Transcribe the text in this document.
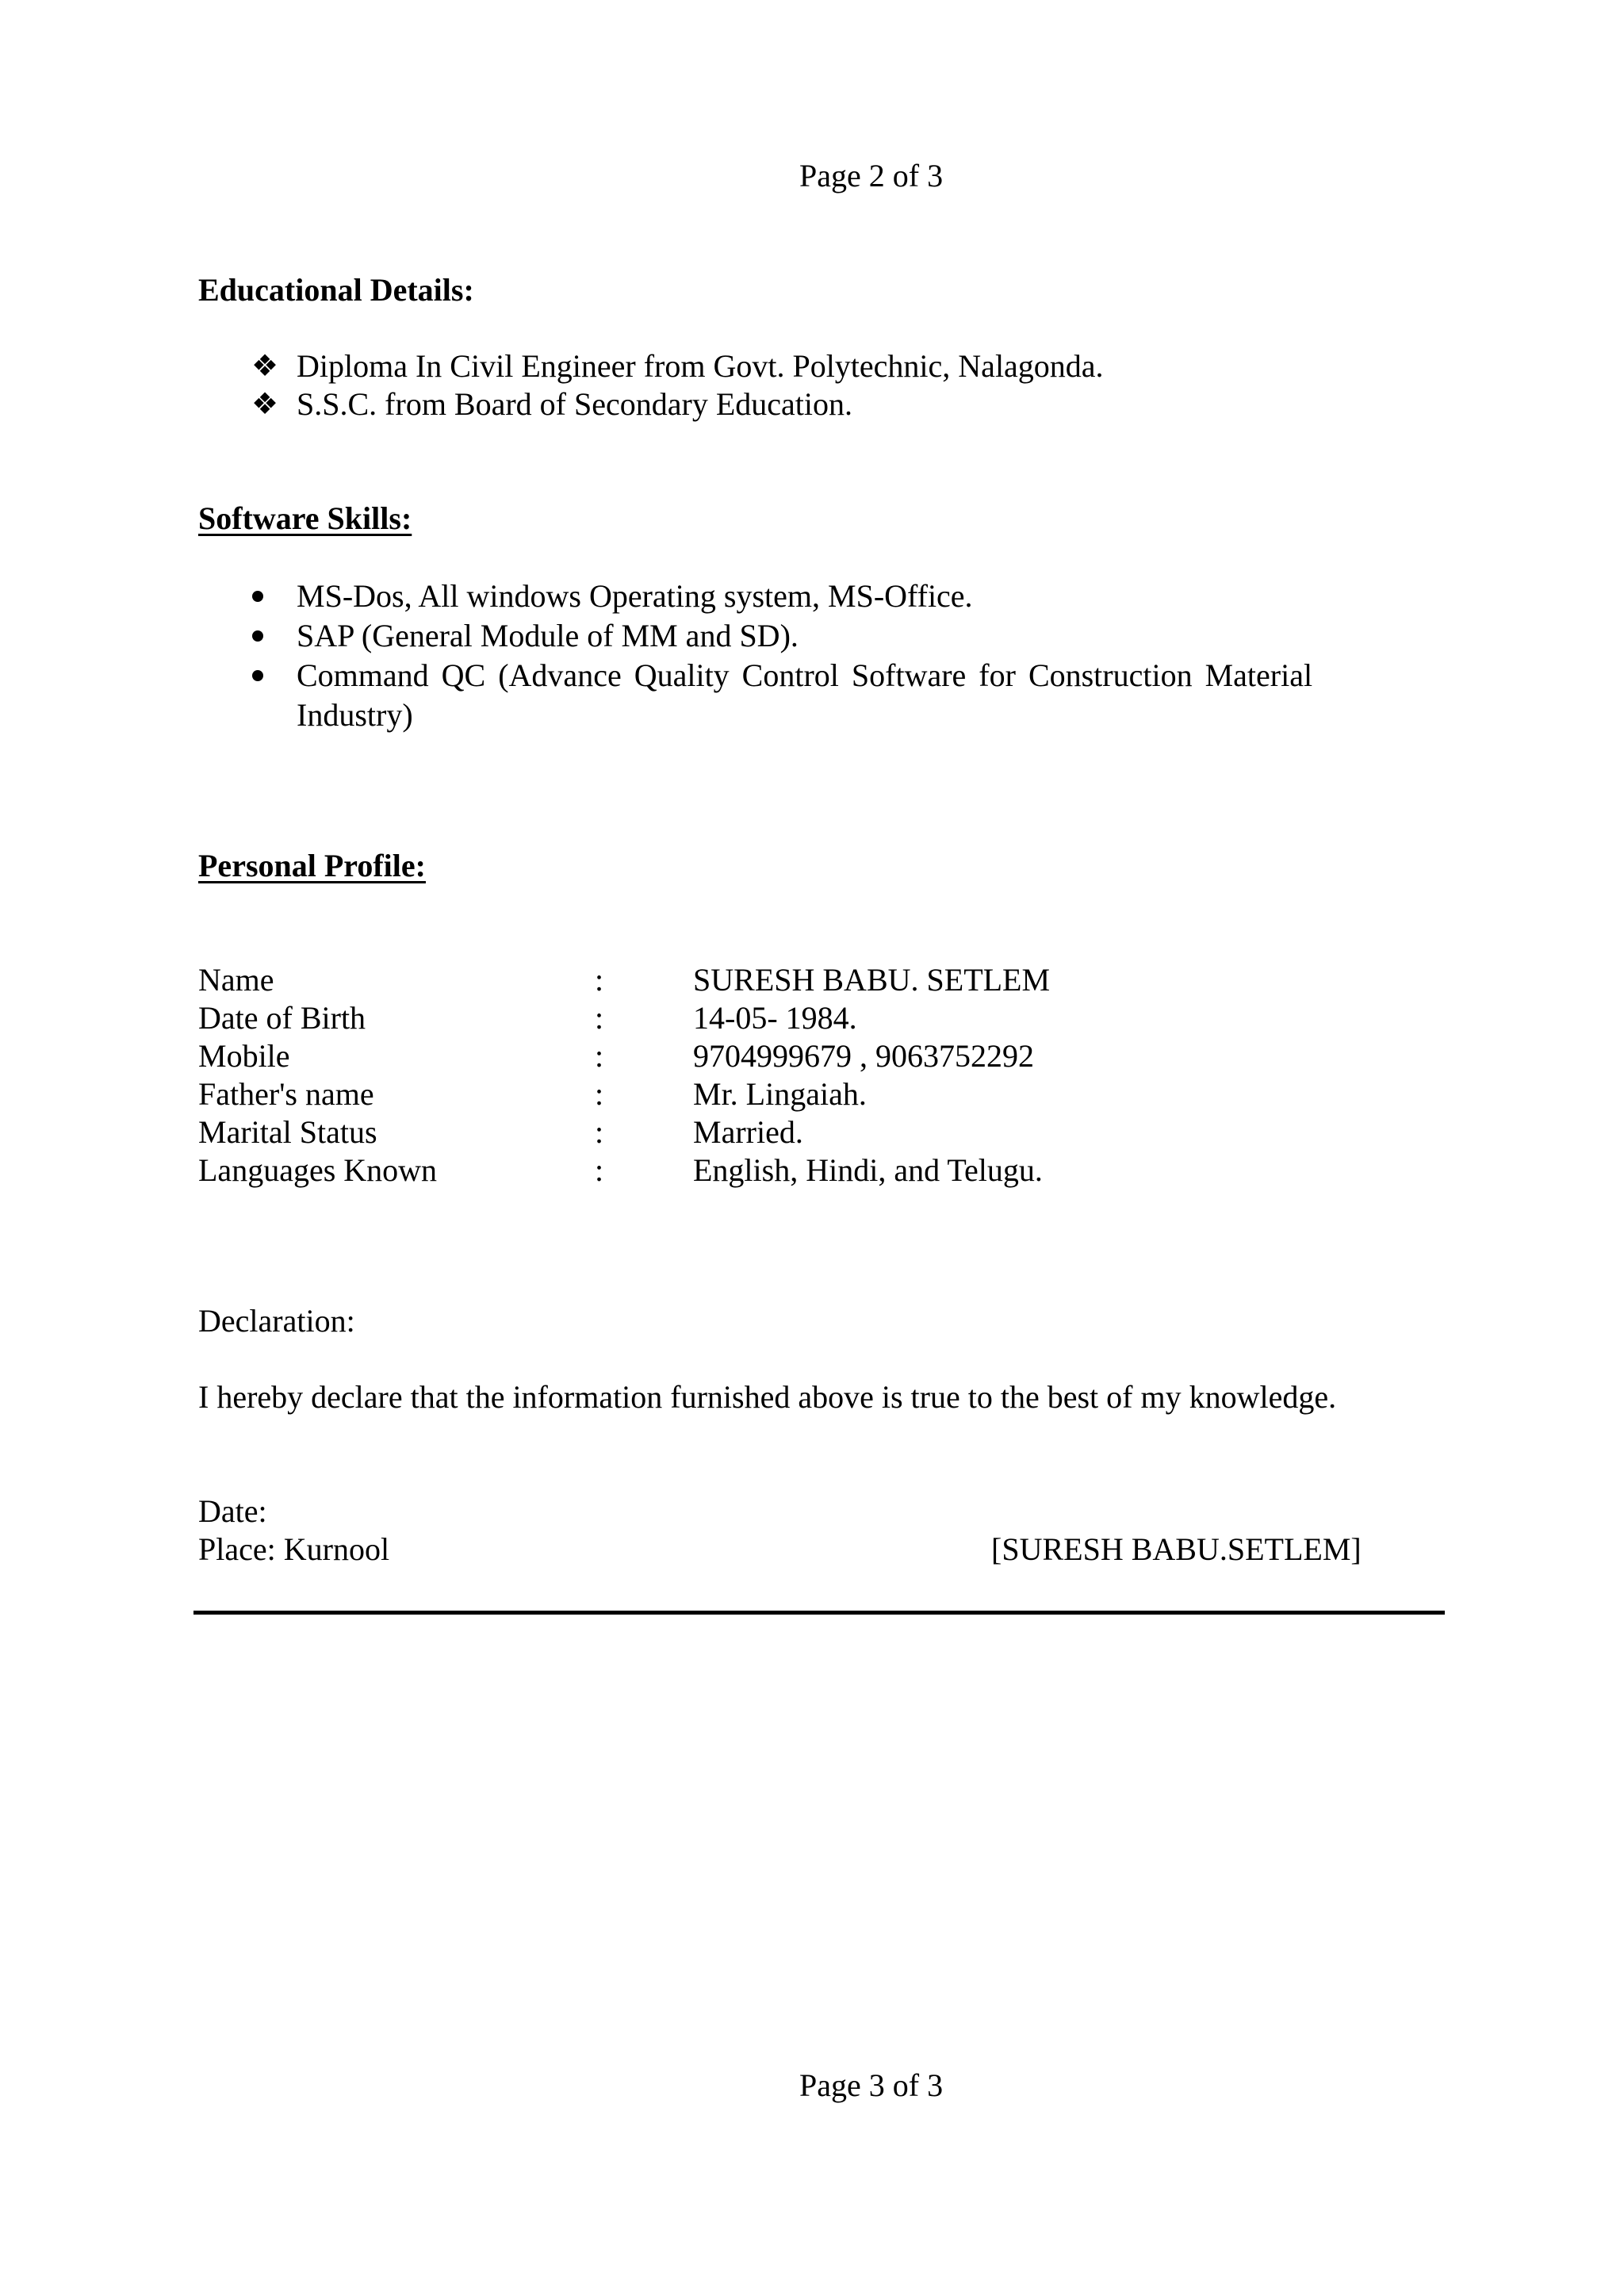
Page 2 of 3
Educational Details:
❖ Diploma In Civil Engineer from Govt. Polytechnic, Nalagonda.
❖ S.S.C. from Board of Secondary Education.
Software Skills:
MS-Dos, All windows Operating system, MS-Office.
SAP (General Module of MM and SD).
Command QC (Advance Quality Control Software for Construction Material
Industry)
Personal Profile:
Name	:	SURESH BABU. SETLEM
Date of Birth	:	14-05- 1984.
Mobile	:	9704999679 , 9063752292
Father's name	:	Mr. Lingaiah.
Marital Status	:	Married.
Languages Known	:	English, Hindi, and Telugu.
Declaration:
I hereby declare that the information furnished above is true to the best of my knowledge.
Date:
Place: Kurnool	[SURESH BABU.SETLEM]
Page 3 of 3
